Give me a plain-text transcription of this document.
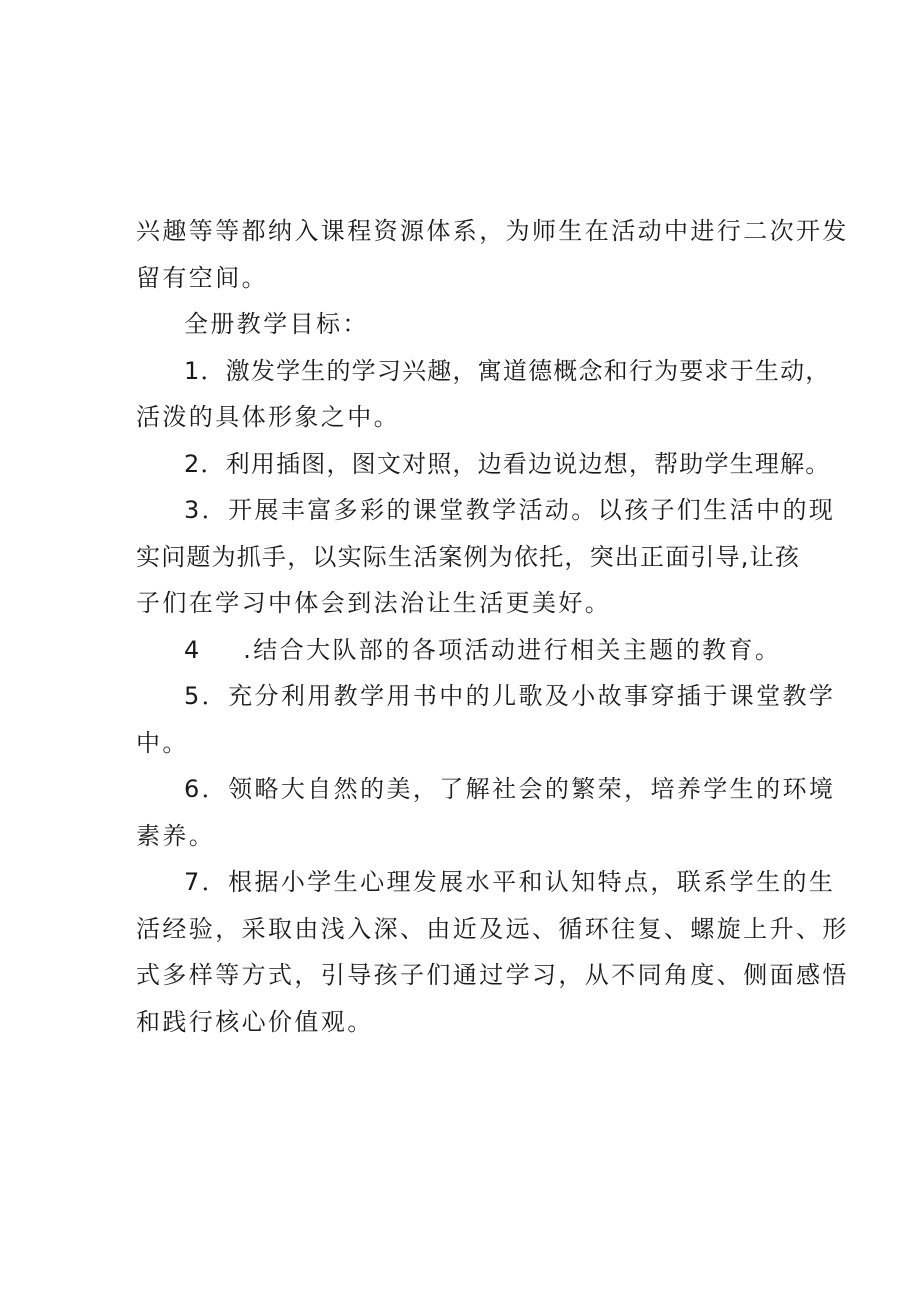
兴趣等等都纳入课程资源体系，为师生在活动中进行二次开发
留有空间。
全册教学目标：
1．激发学生的学习兴趣，寓道德概念和行为要求于生动，
活泼的具体形象之中。
2．利用插图，图文对照，边看边说边想，帮助学生理解。
3．开展丰富多彩的课堂教学活动。以孩子们生活中的现
实问题为抓手，以实际生活案例为依托，突出正面引导,让孩
子们在学习中体会到法治让生活更美好。
4 .结合大队部的各项活动进行相关主题的教育。
5．充分利用教学用书中的儿歌及小故事穿插于课堂教学
中。
6．领略大自然的美，了解社会的繁荣，培养学生的环境
素养。
7．根据小学生心理发展水平和认知特点，联系学生的生
活经验，采取由浅入深、由近及远、循环往复、螺旋上升、形
式多样等方式，引导孩子们通过学习，从不同角度、侧面感悟
和践行核心价值观。
